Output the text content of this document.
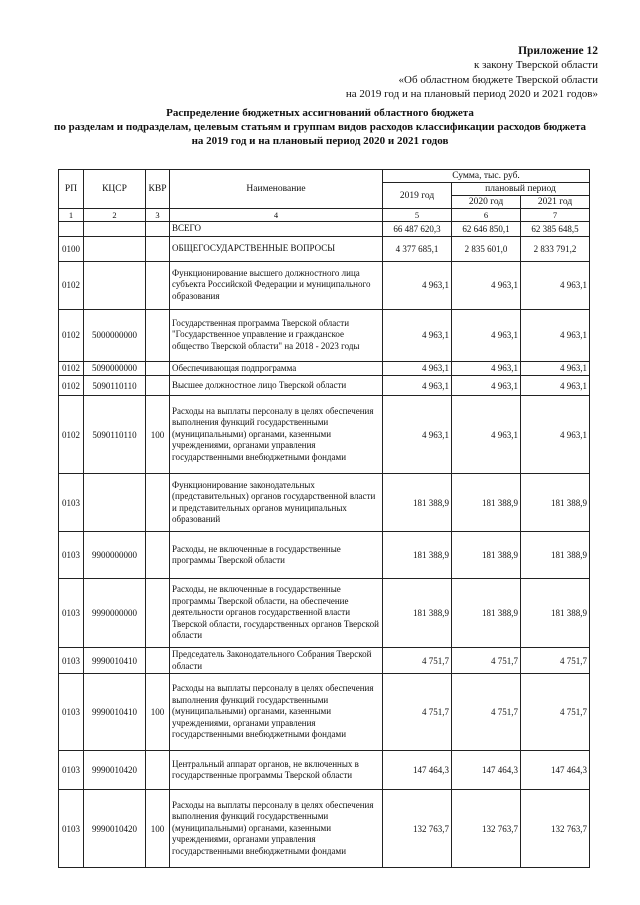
Приложение 12
к закону Тверской области
«Об областном бюджете Тверской области
на 2019 год и на плановый период 2020 и 2021 годов»
Распределение бюджетных ассигнований областного бюджета
по разделам и подразделам, целевым статьям и группам видов расходов классификации расходов бюджета
на 2019 год и на плановый период 2020 и 2021 годов
РП	КЦСР	КВР	Наименование	Сумма, тыс. руб.		
				2019 год	плановый период	
					2020 год	2021 год
1	2	3	4	5	6	7
			ВСЕГО	66 487 620,3	62 646 850,1	62 385 648,5
0100			ОБЩЕГОСУДАРСТВЕННЫЕ ВОПРОСЫ	4 377 685,1	2 835 601,0	2 833 791,2
0102			Функционирование высшего должностного лица субъекта Российской Федерации и муниципального образования	4 963,1	4 963,1	4 963,1
0102	5000000000		Государственная программа Тверской области "Государственное управление и гражданское общество Тверской области" на 2018 - 2023 годы	4 963,1	4 963,1	4 963,1
0102	5090000000		Обеспечивающая подпрограмма	4 963,1	4 963,1	4 963,1
0102	5090110110		Высшее должностное лицо Тверской области	4 963,1	4 963,1	4 963,1
0102	5090110110	100	Расходы на выплаты персоналу в целях обеспечения выполнения функций государственными (муниципальными) органами, казенными учреждениями, органами управления государственными внебюджетными фондами	4 963,1	4 963,1	4 963,1
0103			Функционирование законодательных (представительных) органов государственной власти и представительных органов муниципальных образований	181 388,9	181 388,9	181 388,9
0103	9900000000		Расходы, не включенные в государственные программы Тверской области	181 388,9	181 388,9	181 388,9
0103	9990000000		Расходы, не включенные в государственные программы Тверской области, на обеспечение деятельности органов государственной власти Тверской области, государственных органов Тверской области	181 388,9	181 388,9	181 388,9
0103	9990010410		Председатель Законодательного Собрания Тверской области	4 751,7	4 751,7	4 751,7
0103	9990010410	100	Расходы на выплаты персоналу в целях обеспечения выполнения функций государственными (муниципальными) органами, казенными учреждениями, органами управления государственными внебюджетными фондами	4 751,7	4 751,7	4 751,7
0103	9990010420		Центральный аппарат органов, не включенных в государственные программы Тверской области	147 464,3	147 464,3	147 464,3
0103	9990010420	100	Расходы на выплаты персоналу в целях обеспечения выполнения функций государственными (муниципальными) органами, казенными учреждениями, органами управления государственными внебюджетными фондами	132 763,7	132 763,7	132 763,7
